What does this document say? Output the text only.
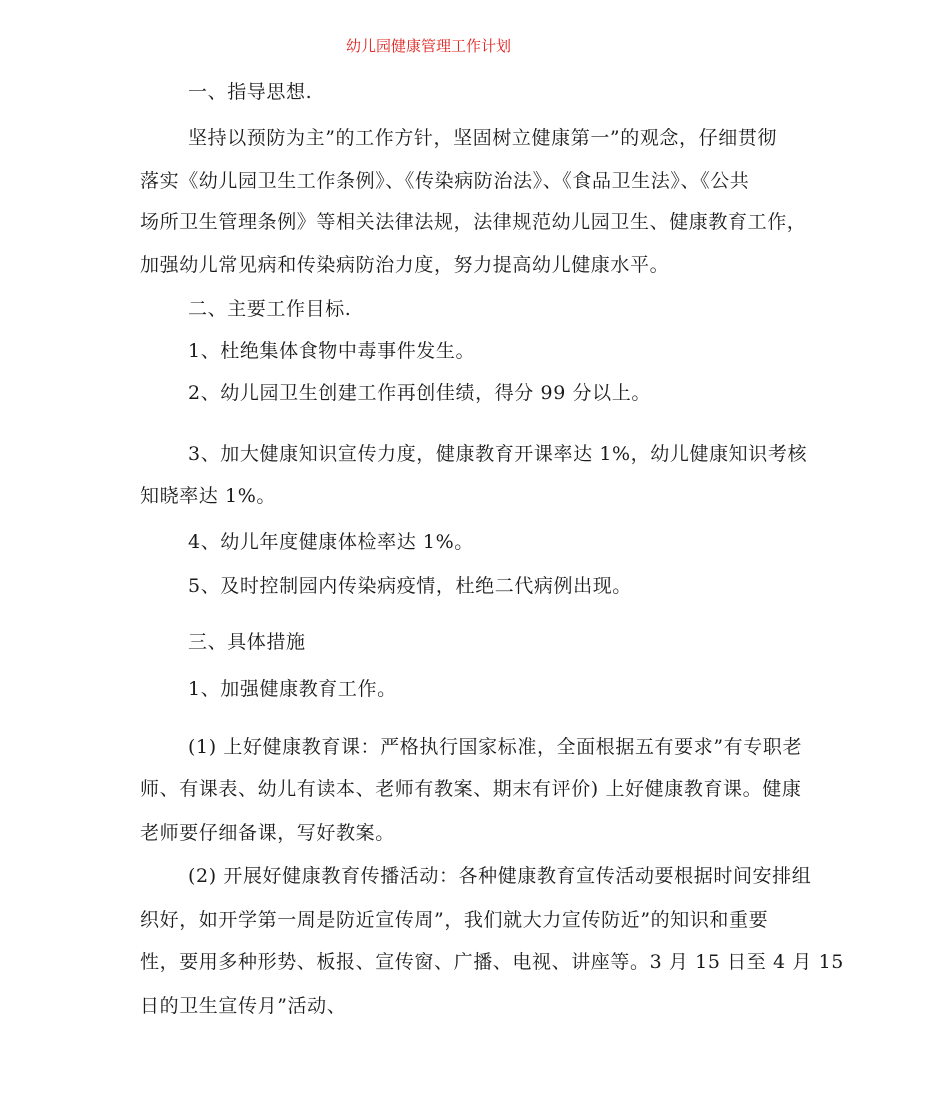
幼儿园健康管理工作计划
一、指导思想.
坚持以预防为主”的工作方针，坚固树立健康第一”的观念，仔细贯彻
落实《幼儿园卫生工作条例》、《传染病防治法》、《食品卫生法》、《公共
场所卫生管理条例》等相关法律法规，法律规范幼儿园卫生、健康教育工作，
加强幼儿常见病和传染病防治力度，努力提高幼儿健康水平。
二、主要工作目标.
1、杜绝集体食物中毒事件发生。
2、幼儿园卫生创建工作再创佳绩，得分 99 分以上。
3、加大健康知识宣传力度，健康教育开课率达 1%，幼儿健康知识考核
知晓率达 1%。
4、幼儿年度健康体检率达 1%。
5、及时控制园内传染病疫情，杜绝二代病例出现。
三、具体措施
1、加强健康教育工作。
(1) 上好健康教育课：严格执行国家标准，全面根据五有要求”有专职老
师、有课表、幼儿有读本、老师有教案、期末有评价) 上好健康教育课。健康
老师要仔细备课，写好教案。
(2) 开展好健康教育传播活动：各种健康教育宣传活动要根据时间安排组
织好，如开学第一周是防近宣传周”，我们就大力宣传防近”的知识和重要
性，要用多种形势、板报、宣传窗、广播、电视、讲座等。3 月 15 日至 4 月 15
日的卫生宣传月”活动、
